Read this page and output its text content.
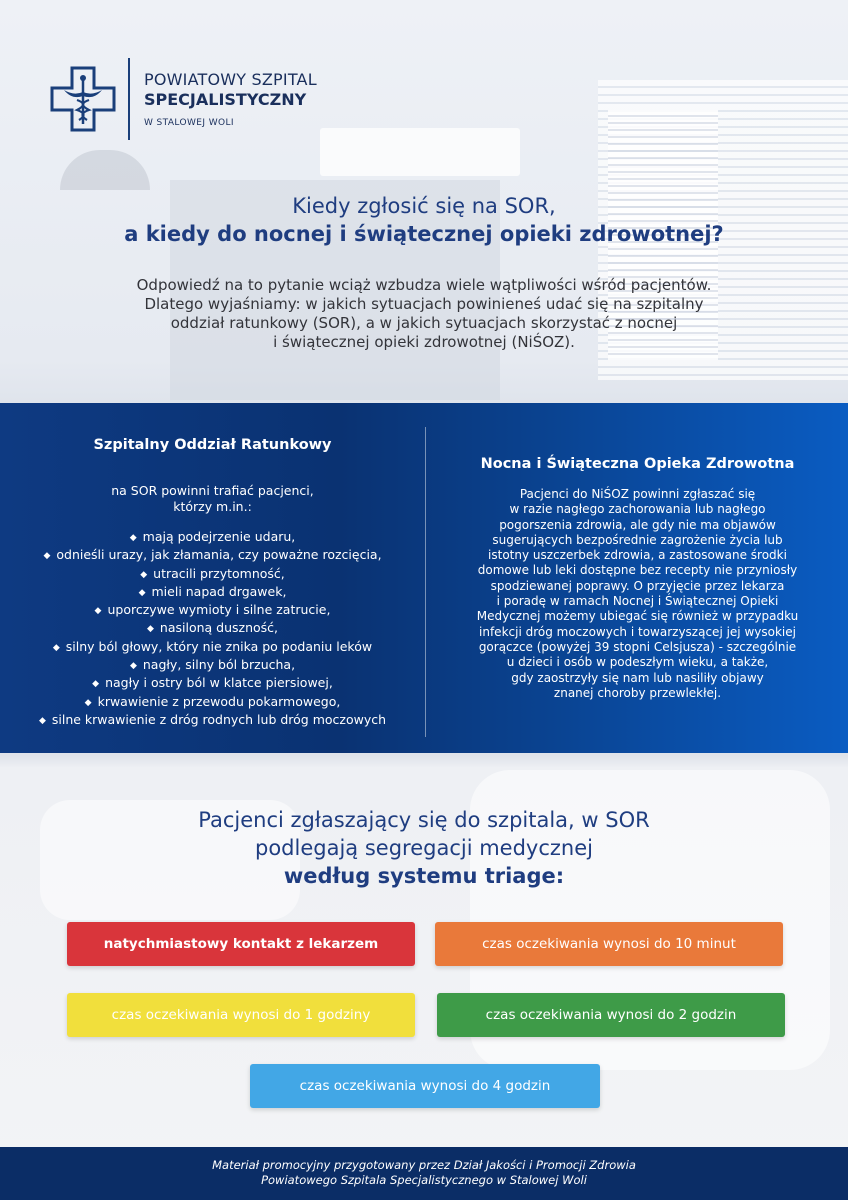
POWIATOWY SZPITAL
SPECJALISTYCZNY
W STALOWEJ WOLI
Kiedy zgłosić się na SOR,
a kiedy do nocnej i świątecznej opieki zdrowotnej?

Odpowiedź na to pytanie wciąż wzbudza wiele wątpliwości wśród pacjentów.

Dlatego wyjaśniamy: w jakich sytuacjach powinieneś udać się na szpitalny

oddział ratunkowy (SOR), a w jakich sytuacjach skorzystać z nocnej

i świątecznej opieki zdrowotnej (NiŚOZ).

Szpitalny Oddział Ratunkowy

na SOR powinni trafiać pacjenci,

którzy m.in.:

◆ mają podejrzenie udaru,
◆ odnieśli urazy, jak złamania, czy poważne rozcięcia,
◆ utracili przytomność,
◆ mieli napad drgawek,
◆ uporczywe wymioty i silne zatrucie,
◆ nasiloną duszność,
◆ silny ból głowy, który nie znika po podaniu leków
◆ nagły, silny ból brzucha,
◆ nagły i ostry ból w klatce piersiowej,
◆ krwawienie z przewodu pokarmowego,
◆ silne krwawienie z dróg rodnych lub dróg moczowych
Nocna i Świąteczna Opieka Zdrowotna

Pacjenci do NiŚOZ powinni zgłaszać się

w razie nagłego zachorowania lub nagłego

pogorszenia zdrowia, ale gdy nie ma objawów

sugerujących bezpośrednie zagrożenie życia lub

istotny uszczerbek zdrowia, a zastosowane środki

domowe lub leki dostępne bez recepty nie przyniosły

spodziewanej poprawy. O przyjęcie przez lekarza

i poradę w ramach Nocnej i Świątecznej Opieki

Medycznej możemy ubiegać się również w przypadku

infekcji dróg moczowych i towarzyszącej jej wysokiej

gorączce (powyżej 39 stopni Celsjusza) - szczególnie

u dzieci i osób w podeszłym wieku, a także,

gdy zaostrzyły się nam lub nasiliły objawy

znanej choroby przewlekłej.

Pacjenci zgłaszający się do szpitala, w SOR
podlegają segregacji medycznej
według systemu triage:
natychmiastowy kontakt z lekarzem	czas oczekiwania wynosi do 10 minut
czas oczekiwania wynosi do 1 godziny	czas oczekiwania wynosi do 2 godzin
czas oczekiwania wynosi do 4 godzin

Materiał promocyjny przygotowany przez Dział Jakości i Promocji Zdrowia

Powiatowego Szpitala Specjalistycznego w Stalowej Woli
